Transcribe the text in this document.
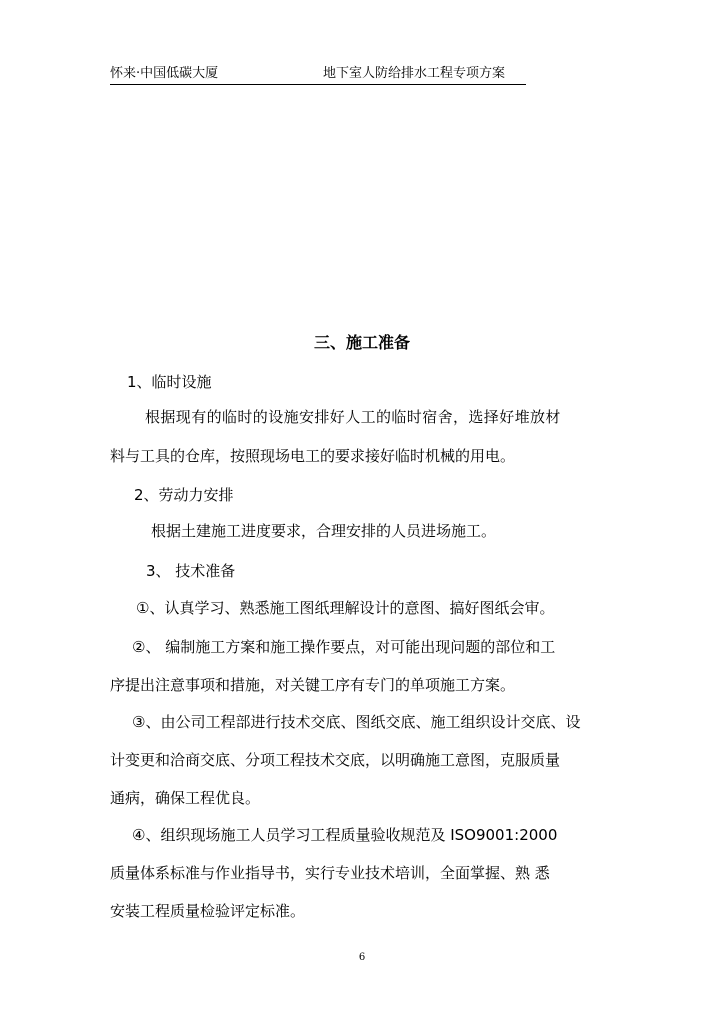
怀来·中国低碳大厦	地下室人防给排水工程专项方案
三、施工准备
1、临时设施
根据现有的临时的设施安排好人工的临时宿舍，选择好堆放材
料与工具的仓库，按照现场电工的要求接好临时机械的用电。
2、劳动力安排
根据土建施工进度要求，合理安排的人员进场施工。
3、 技术准备
①、认真学习、熟悉施工图纸理解设计的意图、搞好图纸会审。
②、 编制施工方案和施工操作要点，对可能出现问题的部位和工
序提出注意事项和措施，对关键工序有专门的单项施工方案。
③、由公司工程部进行技术交底、图纸交底、施工组织设计交底、设
计变更和洽商交底、分项工程技术交底，以明确施工意图，克服质量
通病，确保工程优良。
④、组织现场施工人员学习工程质量验收规范及 ISO9001:2000
质量体系标准与作业指导书，实行专业技术培训，全面掌握、熟 悉
安装工程质量检验评定标准。
6
